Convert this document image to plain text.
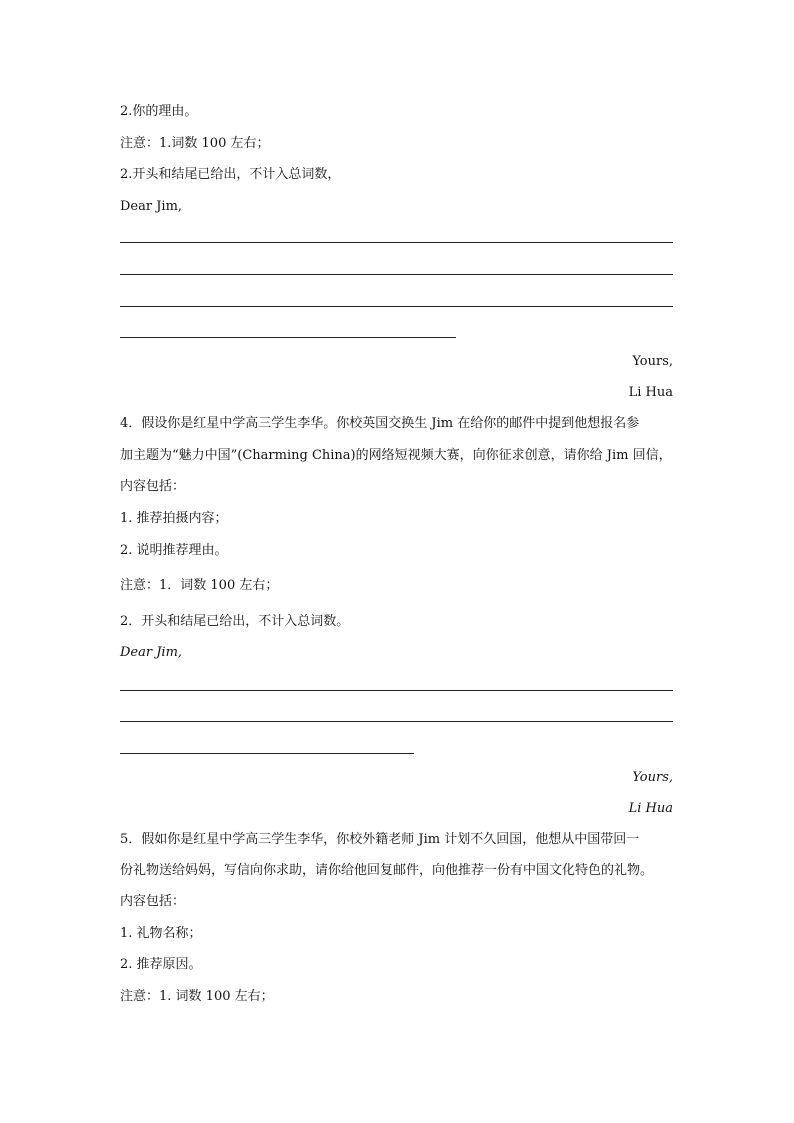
2.你的理由。
注意：1.词数 100 左右；
2.开头和结尾已给出，不计入总词数，
Dear Jim,
Yours,
Li Hua
4．假设你是红星中学高三学生李华。你校英国交换生 Jim 在给你的邮件中提到他想报名参
加主题为“魅力中国”(Charming China)的网络短视频大赛，向你征求创意，请你给 Jim 回信，
内容包括：
1. 推荐拍摄内容；
2. 说明推荐理由。
注意：1．词数 100 左右；
2．开头和结尾已给出，不计入总词数。
Dear Jim,
Yours,
Li Hua
5．假如你是红星中学高三学生李华，你校外籍老师 Jim 计划不久回国，他想从中国带回一
份礼物送给妈妈，写信向你求助，请你给他回复邮件，向他推荐一份有中国文化特色的礼物。
内容包括：
1. 礼物名称；
2. 推荐原因。
注意：1. 词数 100 左右；
